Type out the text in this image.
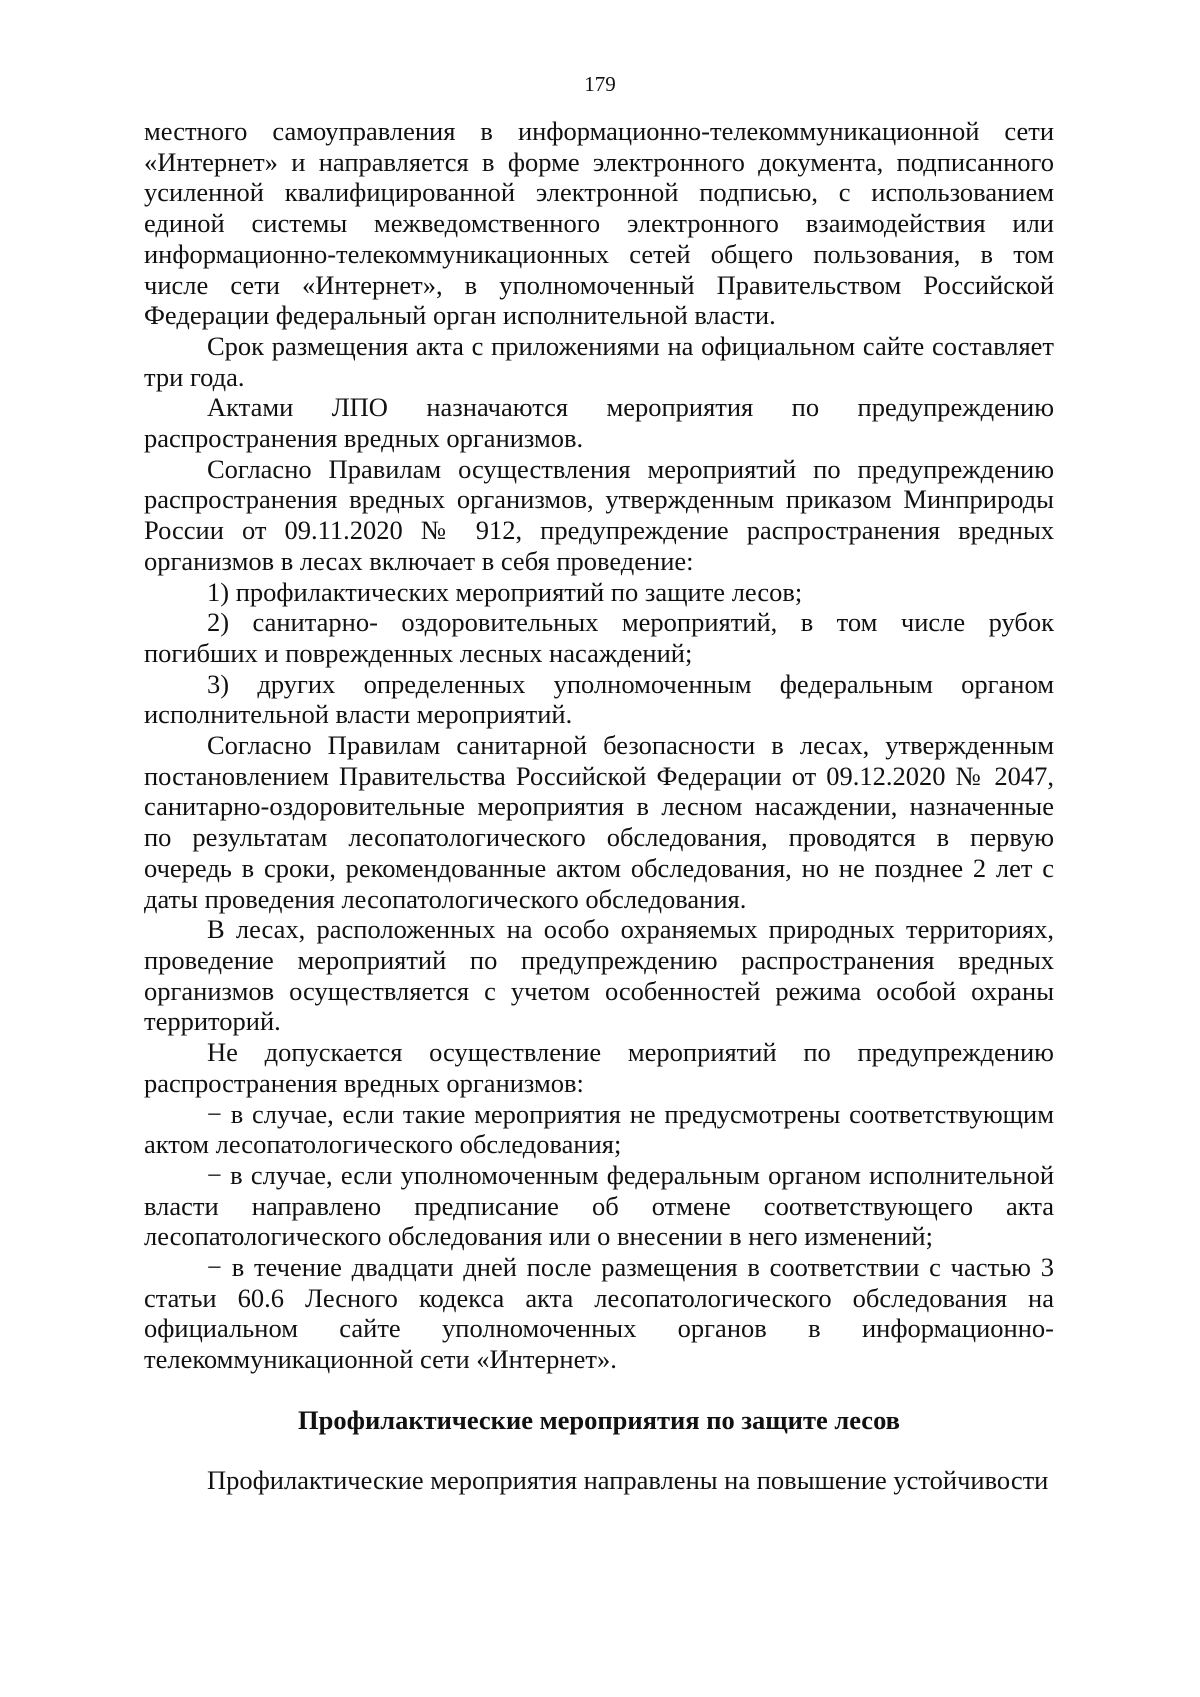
179

местного самоуправления в информационно-телекоммуникационной сети «Интернет» и направляется в форме электронного документа, подписанного усиленной квалифицированной электронной подписью, с использованием единой системы межведомственного электронного взаимодействия или информационно-телекоммуникационных сетей общего пользования, в том числе сети «Интернет», в уполномоченный Правительством Российской Федерации федеральный орган исполнительной власти.

Срок размещения акта с приложениями на официальном сайте составляет три года.

Актами ЛПО назначаются мероприятия по предупреждению распространения вредных организмов.

Согласно Правилам осуществления мероприятий по предупреждению распространения вредных организмов, утвержденным приказом Минприроды России от 09.11.2020 № 912, предупреждение распространения вредных организмов в лесах включает в себя проведение:

1) профилактических мероприятий по защите лесов;

2) санитарно- оздоровительных мероприятий, в том числе рубок погибших и поврежденных лесных насаждений;

3) других определенных уполномоченным федеральным органом исполнительной власти мероприятий.

Согласно Правилам санитарной безопасности в лесах, утвержденным постановлением Правительства Российской Федерации от 09.12.2020 № 2047, санитарно-оздоровительные мероприятия в лесном насаждении, назначенные по результатам лесопатологического обследования, проводятся в первую очередь в сроки, рекомендованные актом обследования, но не позднее 2 лет с даты проведения лесопатологического обследования.

В лесах, расположенных на особо охраняемых природных территориях, проведение мероприятий по предупреждению распространения вредных организмов осуществляется с учетом особенностей режима особой охраны территорий.

Не допускается осуществление мероприятий по предупреждению распространения вредных организмов:

− в случае, если такие мероприятия не предусмотрены соответствующим актом лесопатологического обследования;

− в случае, если уполномоченным федеральным органом исполнительной власти направлено предписание об отмене соответствующего акта лесопатологического обследования или о внесении в него изменений;

− в течение двадцати дней после размещения в соответствии с частью 3 статьи 60.6 Лесного кодекса акта лесопатологического обследования на официальном сайте уполномоченных органов в информационно-телекоммуникационной сети «Интернет».

Профилактические мероприятия по защите лесов

Профилактические мероприятия направлены на повышение устойчивости
